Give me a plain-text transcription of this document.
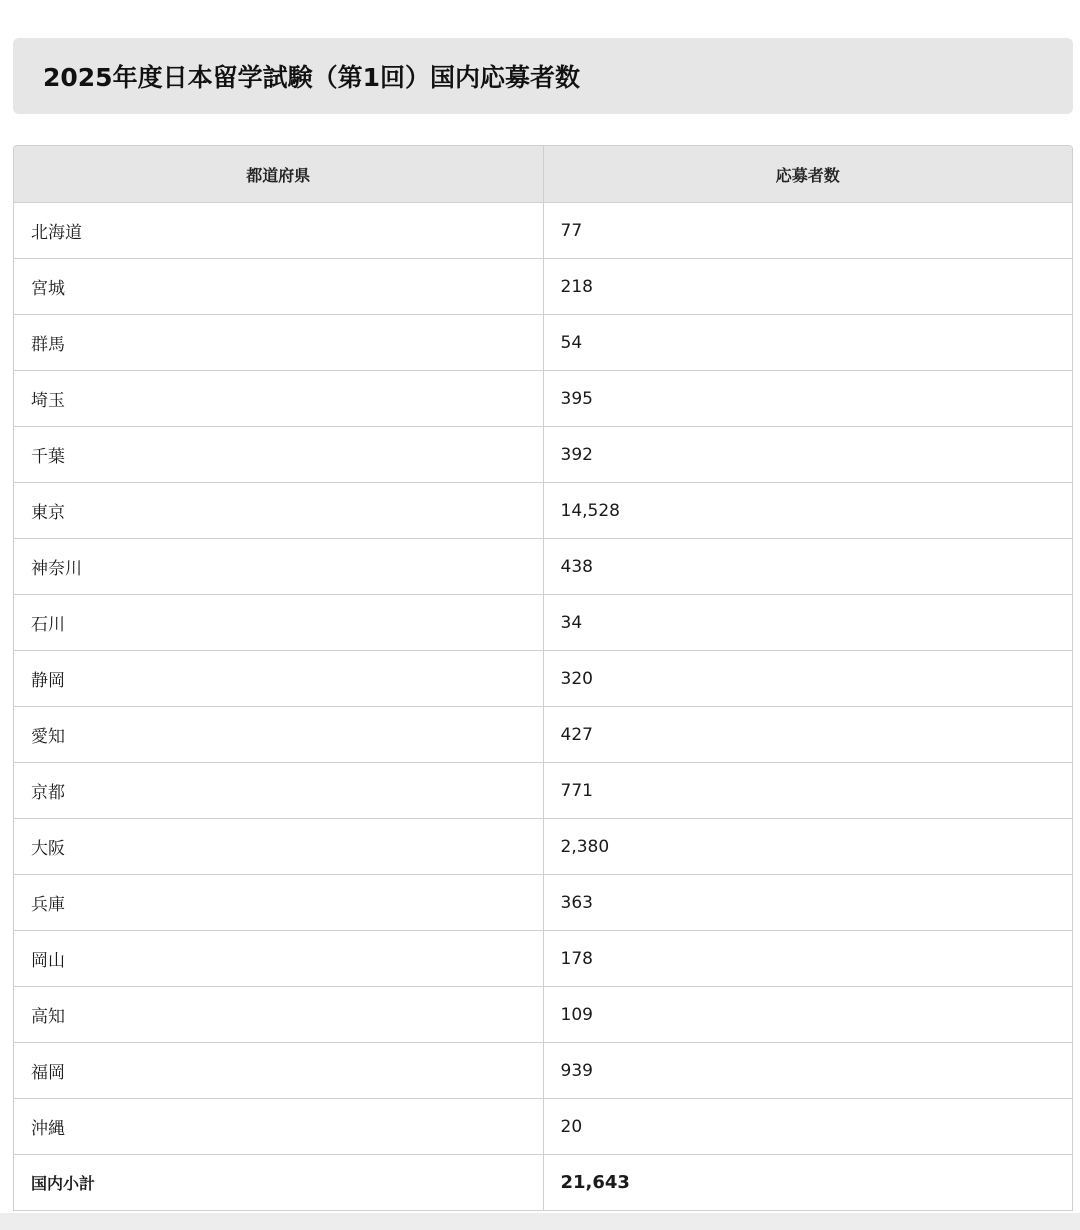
2025年度日本留学試験（第1回）国内応募者数
都道府県	応募者数
北海道	77
宮城	218
群馬	54
埼玉	395
千葉	392
東京	14,528
神奈川	438
石川	34
静岡	320
愛知	427
京都	771
大阪	2,380
兵庫	363
岡山	178
高知	109
福岡	939
沖縄	20
国内小計	21,643
